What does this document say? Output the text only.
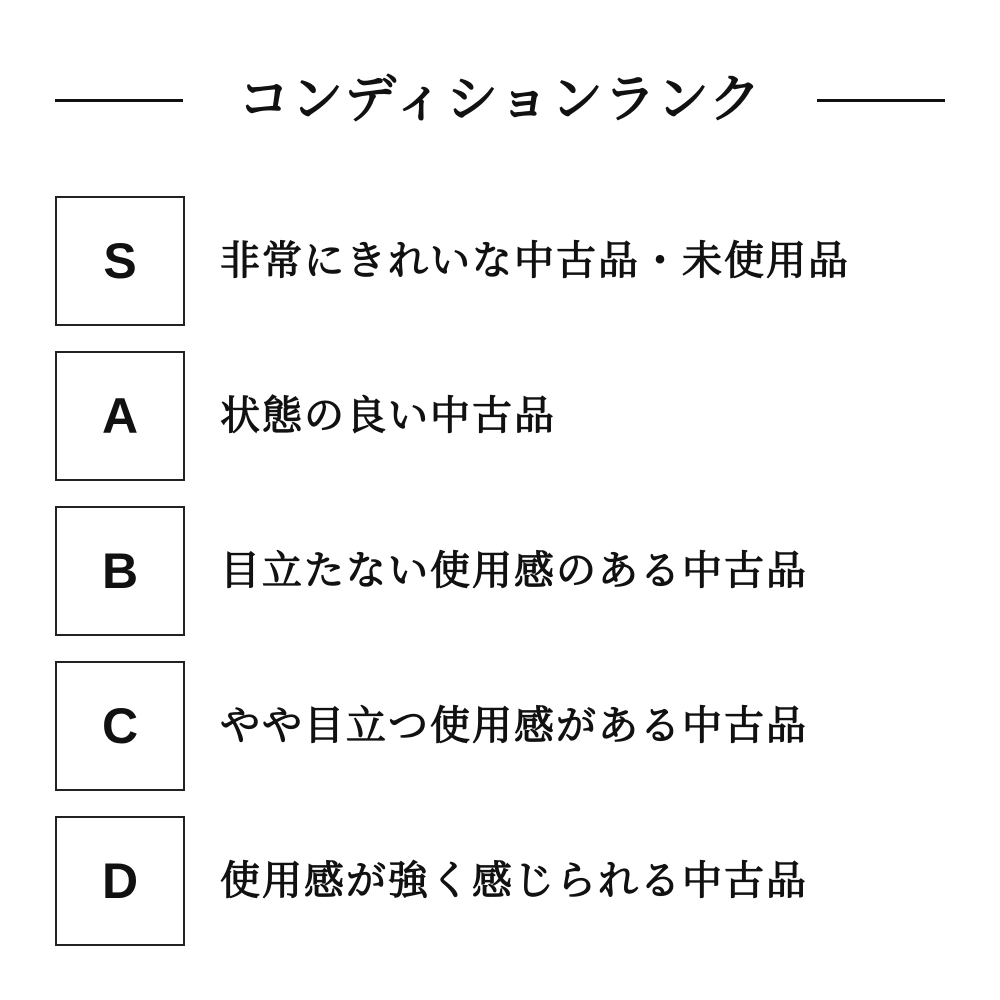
コンディションランク
S	非常にきれいな中古品・未使用品
A	状態の良い中古品
B	目立たない使用感のある中古品
C	やや目立つ使用感がある中古品
D	使用感が強く感じられる中古品
